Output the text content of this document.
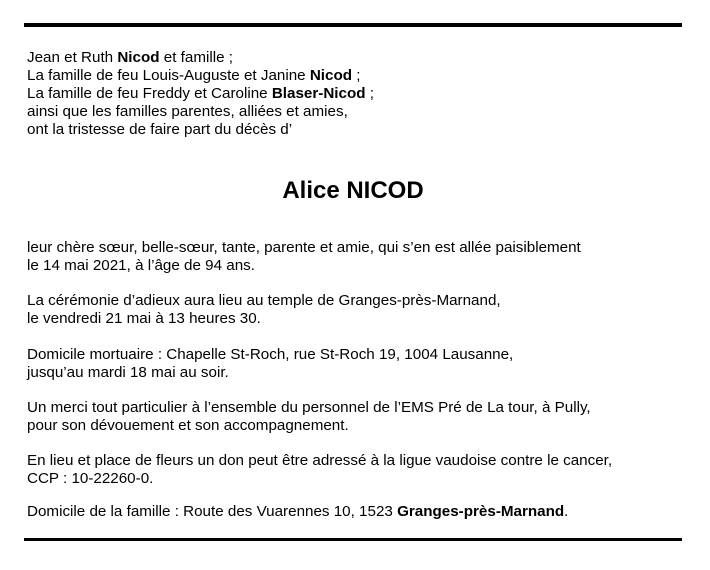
Jean et Ruth Nicod et famille ;
La famille de feu Louis-Auguste et Janine Nicod ;
La famille de feu Freddy et Caroline Blaser-Nicod ;
ainsi que les familles parentes, alliées et amies,
ont la tristesse de faire part du décès d’
Alice NICOD
leur chère sœur, belle-sœur, tante, parente et amie, qui s’en est allée paisiblement
le 14 mai 2021, à l’âge de 94 ans.
La cérémonie d’adieux aura lieu au temple de Granges-près-Marnand,
le vendredi 21 mai à 13 heures 30.
Domicile mortuaire : Chapelle St-Roch, rue St-Roch 19, 1004 Lausanne,
jusqu’au mardi 18 mai au soir.
Un merci tout particulier à l’ensemble du personnel de l’EMS Pré de La tour, à Pully,
pour son dévouement et son accompagnement.
En lieu et place de fleurs un don peut être adressé à la ligue vaudoise contre le cancer,
CCP : 10-22260-0.
Domicile de la famille : Route des Vuarennes 10, 1523 Granges-près-Marnand.
